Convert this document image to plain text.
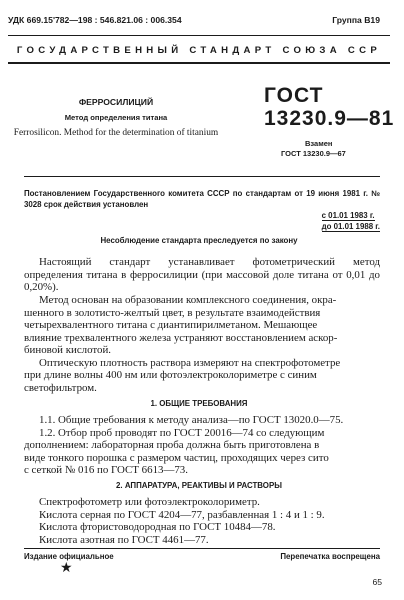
УДК 669.15'782—198 : 546.821.06 : 006.354	Группа В19
ГОСУДАРСТВЕННЫЙ СТАНДАРТ СОЮЗА ССР
ФЕРРОСИЛИЦИЙ
Метод определения титана
Ferrosilicon. Method for the determination of titanium
ГОСТ
13230.9—81
Взамен
ГОСТ 13230.9—67
Постановлением Государственного комитета СССР по стандартам от 19 июня 1981 г. № 3028 срок действия установлен
с 01.01 1983 г.
до 01.01 1988 г.
Несоблюдение стандарта преследуется по закону
Настоящий стандарт устанавливает фотометрический метод определения титана в ферросилиции (при массовой доле титана от 0,01 до 0,20%).
Метод основан на образовании комплексного соединения, окра-
шенного в золотисто-желтый цвет, в результате взаимодействия
четырехвалентного титана с диантипирилметаном. Мешающее
влияние трехвалентного железа устраняют восстановлением аскор-
биновой кислотой.
Оптическую плотность раствора измеряют на спектрофотометре
при длине волны 400 нм или фотоэлектроколориметре с синим
светофильтром.
1. ОБЩИЕ ТРЕБОВАНИЯ
1.1. Общие требования к методу анализа—по ГОСТ 13020.0—75.
1.2. Отбор проб проводят по ГОСТ 20016—74 со следующим
дополнением: лабораторная проба должна быть приготовлена в
виде тонкого порошка с размером частиц, проходящих через сито
с сеткой № 016 по ГОСТ 6613—73.
2. АППАРАТУРА, РЕАКТИВЫ И РАСТВОРЫ
Спектрофотометр или фотоэлектроколориметр.
Кислота серная по ГОСТ 4204—77, разбавленная 1 : 4 и 1 : 9.
Кислота фтористоводородная по ГОСТ 10484—78.
Кислота азотная по ГОСТ 4461—77.
Издание официальное	Перепечатка воспрещена
★
65
